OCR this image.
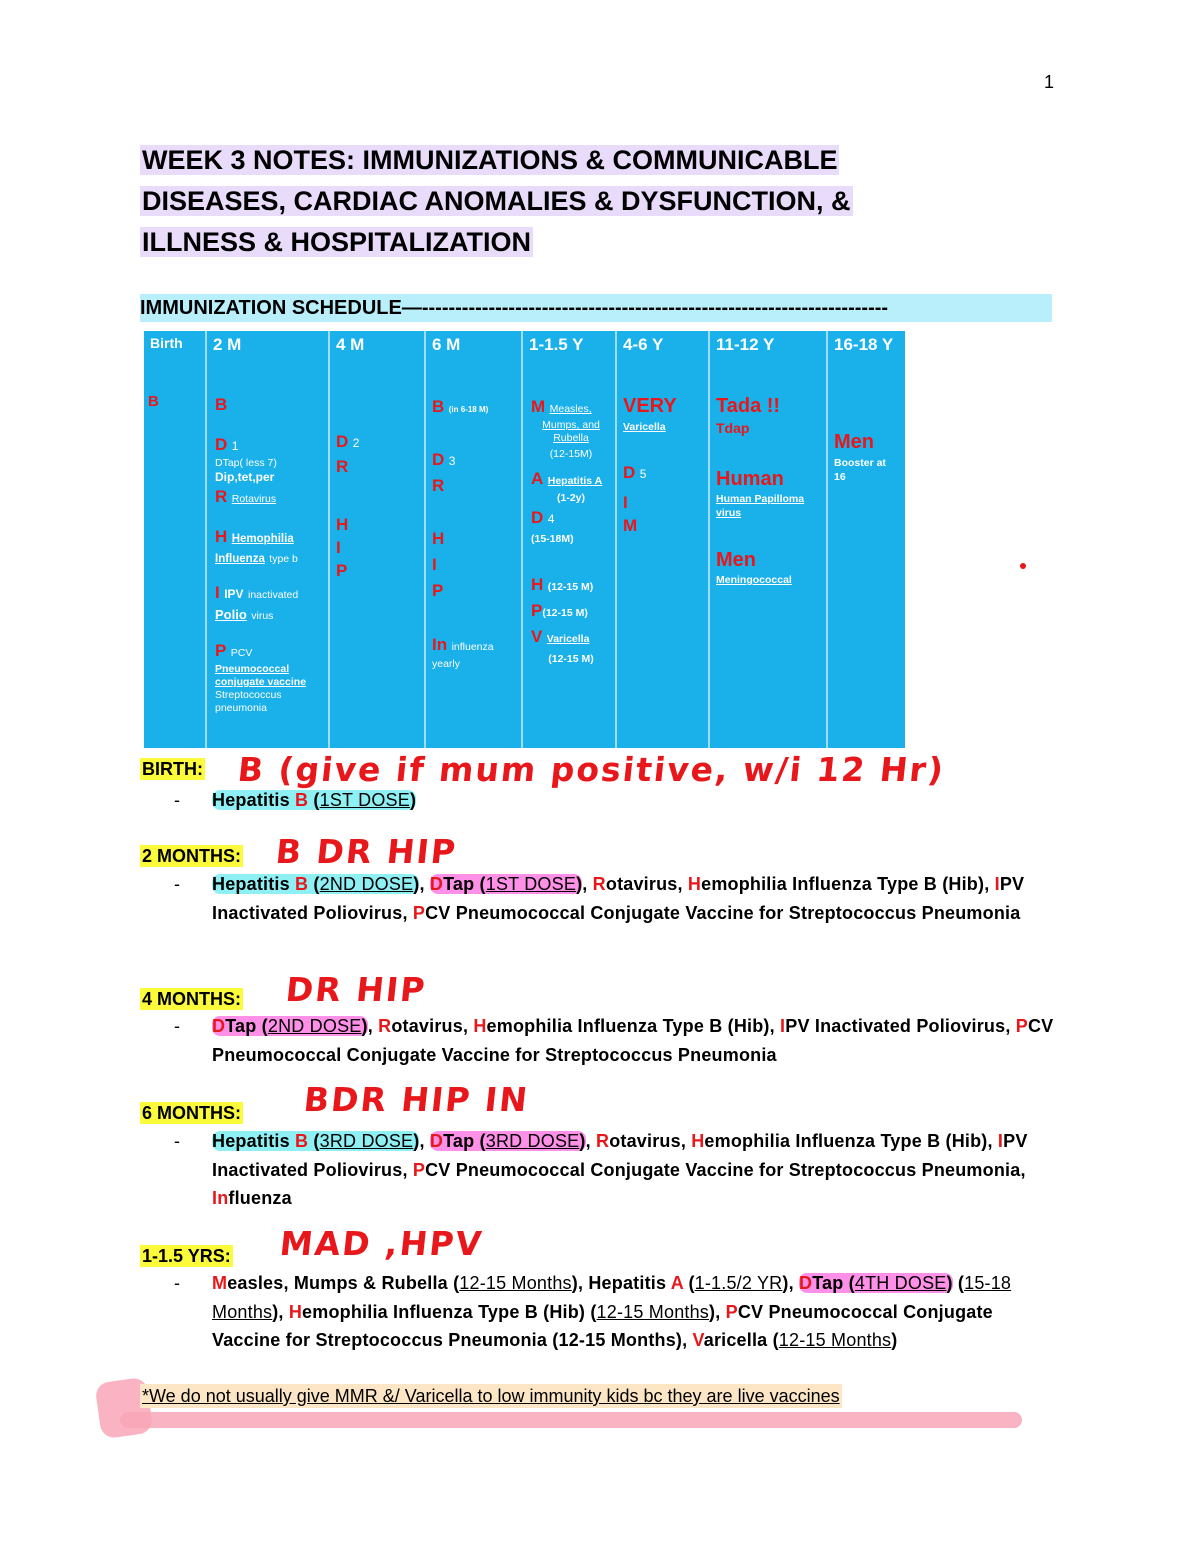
1
WEEK 3 NOTES: IMMUNIZATIONS & COMMUNICABLE
DISEASES, CARDIAC ANOMALIES & DYSFUNCTION, &
ILLNESS & HOSPITALIZATION
IMMUNIZATION SCHEDULE—----------------------------------------------------------------------
Birth
B
2 M
B
D 1
DTap( less 7)
Dip,tet,per
R Rotavirus
H Hemophilia
Influenza type b
I IPV inactivated
Polio virus
P PCV
Pneumococcal
conjugate vaccine
Streptococcus
pneumonia
4 M
D 2
R
H
I
P
6 M
B (in 6-18 M)
D 3
R
H
I
P
In influenza
yearly
1-1.5 Y
M Measles,
Mumps, and
Rubella
(12-15M)
A Hepatitis A
(1-2y)
D 4
(15-18M)
H (12-15 M)
P(12-15 M)
V Varicella
(12-15 M)
4-6 Y
VERY
Varicella
D 5
I
M
11-12 Y
Tada !!
Tdap
Human
Human Papilloma
virus
Men
Meningococcal
16-18 Y
Men
Booster at
16
BIRTH: B (give if mum positive, w/i 12 Hr)
- Hepatitis B (1ST DOSE)
2 MONTHS: B DR HIP
- Hepatitis B (2ND DOSE), DTap (1ST DOSE), Rotavirus, Hemophilia Influenza Type B (Hib), IPV Inactivated Poliovirus, PCV Pneumococcal Conjugate Vaccine for Streptococcus Pneumonia
4 MONTHS: DR HIP
- DTap (2ND DOSE), Rotavirus, Hemophilia Influenza Type B (Hib), IPV Inactivated Poliovirus, PCV Pneumococcal Conjugate Vaccine for Streptococcus Pneumonia
6 MONTHS: BDR HIP IN
- Hepatitis B (3RD DOSE), DTap (3RD DOSE), Rotavirus, Hemophilia Influenza Type B (Hib), IPV Inactivated Poliovirus, PCV Pneumococcal Conjugate Vaccine for Streptococcus Pneumonia, Influenza
1-1.5 YRS: MAD ,HPV
- Measles, Mumps & Rubella (12-15 Months), Hepatitis A (1-1.5/2 YR), DTap (4TH DOSE) (15-18 Months), Hemophilia Influenza Type B (Hib) (12-15 Months), PCV Pneumococcal Conjugate Vaccine for Streptococcus Pneumonia (12-15 Months), Varicella (12-15 Months)
*We do not usually give MMR &/ Varicella to low immunity kids bc they are live vaccines
